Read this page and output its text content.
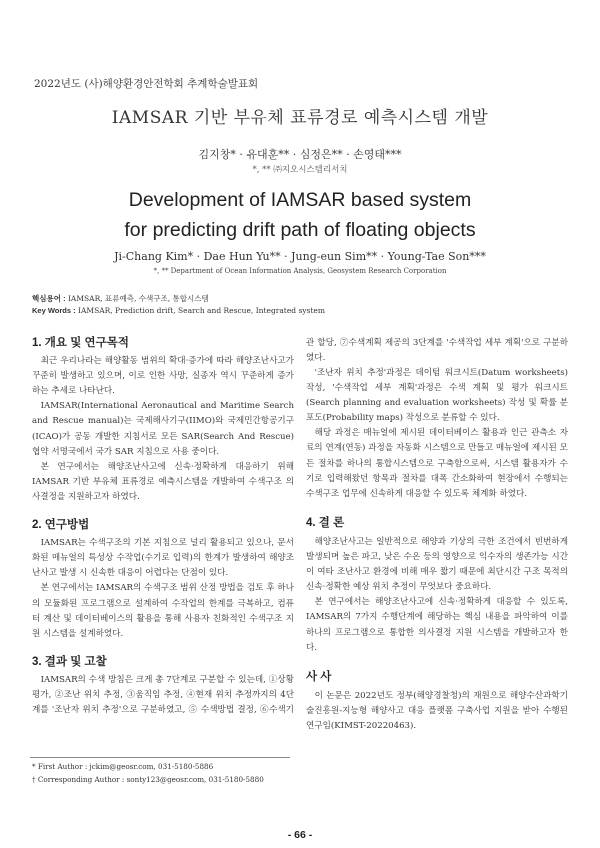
2022년도 (사)해양환경안전학회 추계학술발표회
IAMSAR 기반 부유체 표류경로 예측시스템 개발
김지창* · 유대훈** · 심정은** · 손영태***
*, ** ㈜지오시스템리서치
Development of IAMSAR based system
for predicting drift path of floating objects
Ji-Chang Kim* · Dae Hun Yu** · Jung-eun Sim** · Young-Tae Son***
*, ** Department of Ocean Information Analysis, Geosystem Research Corporation
핵심용어 : IAMSAR, 표류예측, 수색구조, 통합시스템
Key Words : IAMSAR, Prediction drift, Search and Rescue, Integrated system
1. 개요 및 연구목적

최근 우리나라는 해양활동 범위의 확대·증가에 따라 해양조난사고가 꾸준히 발생하고 있으며, 이로 인한 사망, 실종자 역시 꾸준하게 증가하는 추세로 나타난다.

IAMSAR(International Aeronautical and Maritime Search and Rescue manual)는 국제해사기구(IIMO)와 국제민간항공기구(ICAO)가 공동 개발한 지침서로 모든 SAR(Search And Rescue) 협약 서명국에서 국가 SAR 지침으로 사용 중이다.

본 연구에서는 해양조난사고에 신속·정확하게 대응하기 위해 IAMSAR 기반 부유체 표류경로 예측시스템을 개발하여 수색구조 의사결정을 지원하고자 하였다.

2. 연구방법

IAMSAR는 수색구조의 기본 지침으로 널리 활용되고 있으나, 문서화된 매뉴얼의 특성상 수작업(수기로 입력)의 한계가 발생하여 해양조난사고 발생 시 신속한 대응이 어렵다는 단점이 있다.

본 연구에서는 IAMSAR의 수색구조 범위 산정 방법을 검토 후 하나의 모듈화된 프로그램으로 설계하여 수작업의 한계를 극복하고, 컴퓨터 계산 및 데이터베이스의 활용을 통해 사용자 친화적인 수색구조 지원 시스템을 설계하였다.

3. 결과 및 고찰

IAMSAR의 수색 방침은 크게 총 7단계로 구분할 수 있는데, ①상황 평가, ②조난 위치 추정, ③움직임 추정, ④현재 위치 추정까지의 4단계를 '조난자 위치 추정'으로 구분하였고, ⑤ 수색방법 결정, ⑥수색기

* First Author : jckim@geosr.com, 031-5180-5886
† Corresponding Author : sonty123@geosr.com, 031-5180-5880

관 할당, ⑦수색계획 제공의 3단계를 '수색작업 세부 계획'으로 구분하였다.

'조난자 위치 추정'과정은 데이텀 워크시트(Datum worksheets) 작성, '수색작업 세부 계획'과정은 수색 계획 및 평가 워크시트(Search planning and evaluation worksheets) 작성 및 확률 분포도(Probability maps) 작성으로 분류할 수 있다.

해당 과정은 매뉴얼에 제시된 데이터베이스 활용과 인근 관측소 자료의 연계(연동) 과정을 자동화 시스템으로 만들고 매뉴얼에 제시된 모든 절차를 하나의 통합시스템으로 구축함으로써, 시스템 활용자가 수기로 입력해왔던 항목과 절차를 대폭 간소화하여 현장에서 수행되는 수색구조 업무에 신속하게 대응할 수 있도록 체계화 하였다.

4. 결 론

해양조난사고는 일반적으로 해양과 기상의 극한 조건에서 빈번하게 발생되며 높은 파고, 낮은 수온 등의 영향으로 익수자의 생존가능 시간이 여타 조난사고 환경에 비해 매우 짧기 때문에 최단시간 구조 목적의 신속·정확한 예상 위치 추정이 무엇보다 중요하다.

본 연구에서는 해양조난사고에 신속·정확하게 대응할 수 있도록, IAMSAR의 7가지 수행단계에 해당하는 핵심 내용을 파악하여 이를 하나의 프로그램으로 통합한 의사결정 지원 시스템을 개발하고자 한다.

사 사

이 논문은 2022년도 정부(해양경찰청)의 재원으로 해양수산과학기술진흥원-지능형 해양사고 대응 플랫폼 구축사업 지원을 받아 수행된 연구임(KIMST-20220463).

- 66 -
